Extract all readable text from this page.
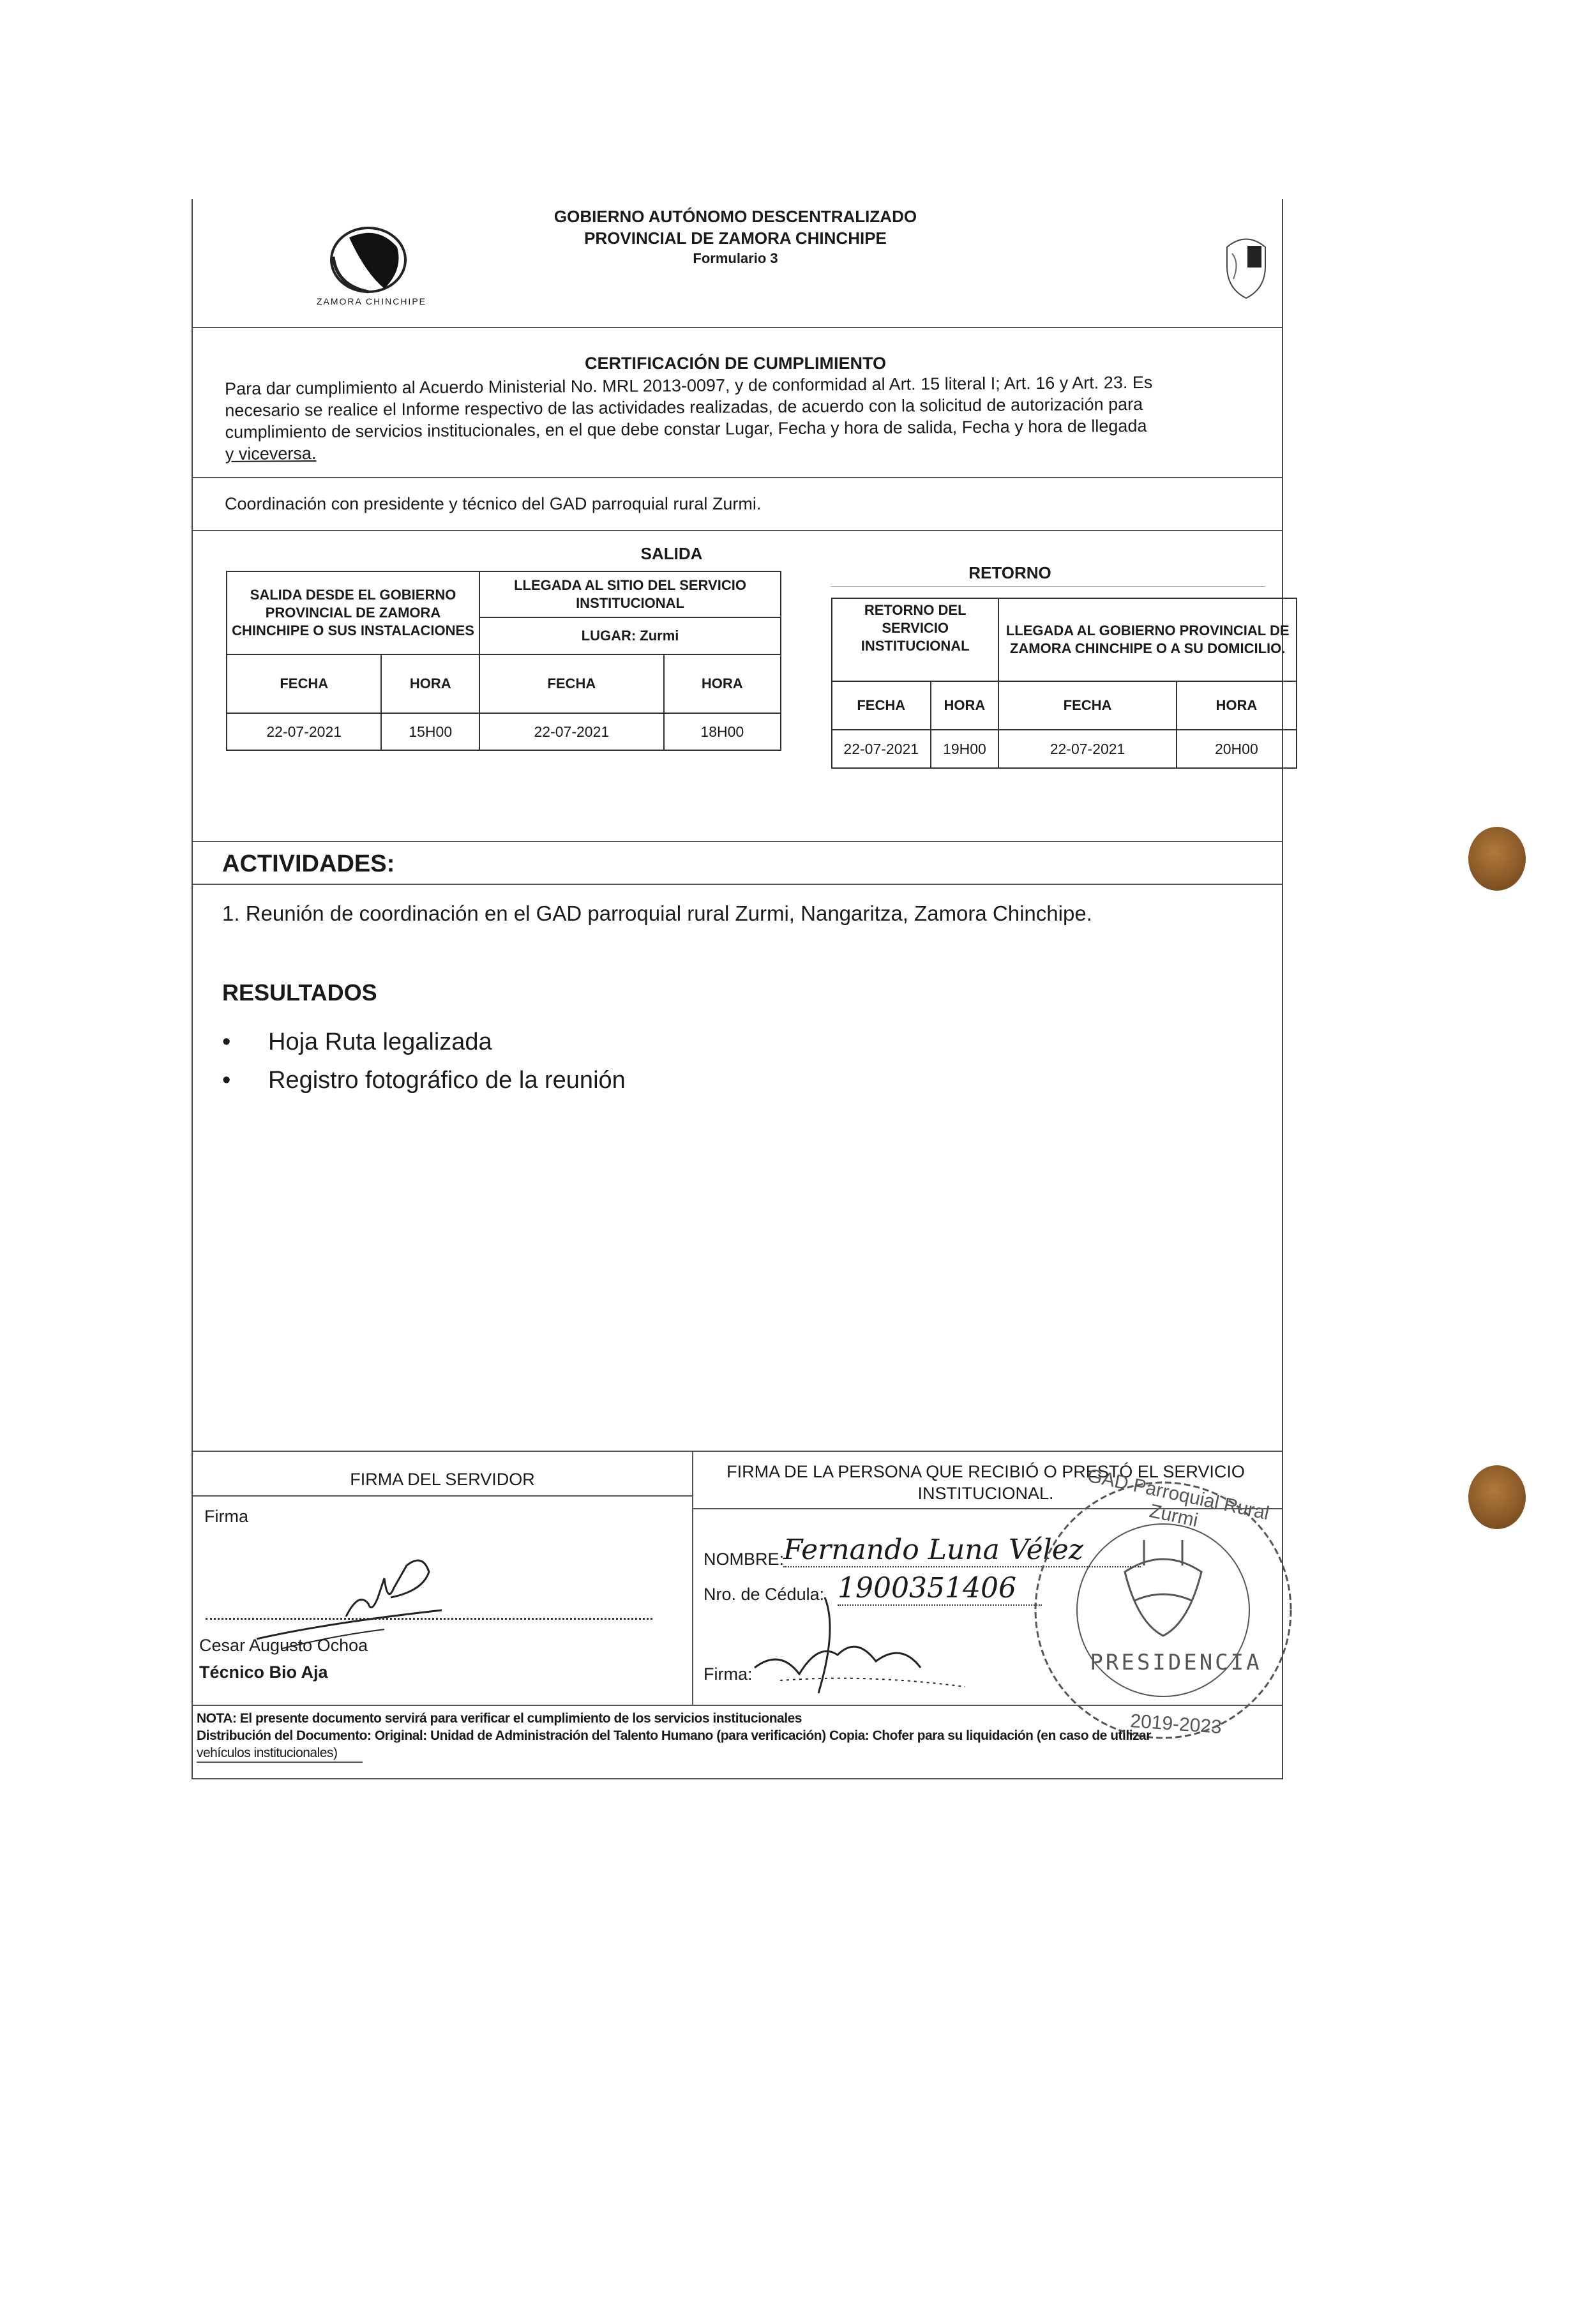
ZAMORA CHINCHIPE
GOBIERNO AUTÓNOMO DESCENTRALIZADO
PROVINCIAL DE ZAMORA CHINCHIPE
Formulario 3
CERTIFICACIÓN DE CUMPLIMIENTO
Para dar cumplimiento al Acuerdo Ministerial No. MRL 2013-0097, y de conformidad al Art. 15 literal I; Art. 16 y Art. 23. Es
necesario se realice el Informe respectivo de las actividades realizadas, de acuerdo con la solicitud de autorización para
cumplimiento de servicios institucionales, en el que debe constar Lugar, Fecha y hora de salida, Fecha y hora de llegada
y viceversa.
Coordinación con presidente y técnico del GAD parroquial rural Zurmi.
SALIDA
SALIDA DESDE EL GOBIERNO PROVINCIAL DE ZAMORA CHINCHIPE O SUS INSTALACIONES		LLEGADA AL SITIO DEL SERVICIO INSTITUCIONAL	
		LUGAR: Zurmi	
FECHA	HORA	FECHA	HORA
22-07-2021	15H00	22-07-2021	18H00
RETORNO
RETORNO DEL SERVICIO INSTITUCIONAL		LLEGADA AL GOBIERNO PROVINCIAL DE ZAMORA CHINCHIPE O A SU DOMICILIO.	
FECHA	HORA	FECHA	HORA
22-07-2021	19H00	22-07-2021	20H00
ACTIVIDADES:
1. Reunión de coordinación en el GAD parroquial rural Zurmi, Nangaritza, Zamora Chinchipe.
RESULTADOS
• Hoja Ruta legalizada
• Registro fotográfico de la reunión
FIRMA DEL SERVIDOR
Firma
Cesar Augusto Ochoa
Técnico Bio Aja
FIRMA DE LA PERSONA QUE RECIBIÓ O PRESTÓ EL SERVICIO
INSTITUCIONAL.
NOMBRE:
Fernando Luna Vélez
Nro. de Cédula: 1900351406
Firma:
GAD Parroquial Rural Zurmi
PRESIDENCIA
2019-2023
NOTA: El presente documento servirá para verificar el cumplimiento de los servicios institucionales
Distribución del Documento: Original: Unidad de Administración del Talento Humano (para verificación) Copia: Chofer para su liquidación (en caso de utilizar
vehículos institucionales)
